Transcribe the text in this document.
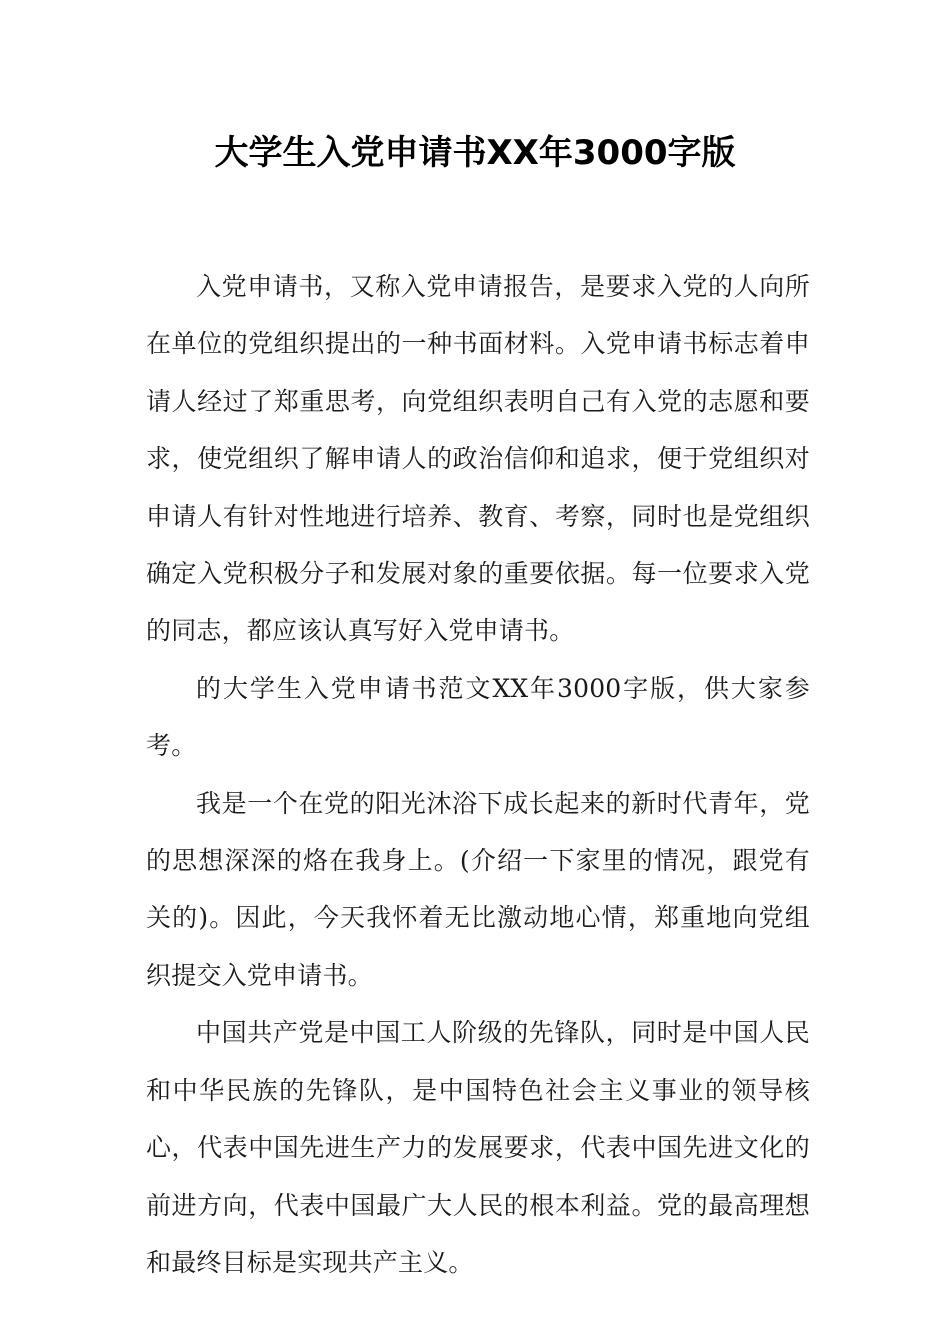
大学生入党申请书XX年3000字版

入党申请书，又称入党申请报告，是要求入党的人向所在单位的党组织提出的一种书面材料。入党申请书标志着申请人经过了郑重思考，向党组织表明自己有入党的志愿和要求，使党组织了解申请人的政治信仰和追求，便于党组织对申请人有针对性地进行培养、教育、考察，同时也是党组织确定入党积极分子和发展对象的重要依据。每一位要求入党的同志，都应该认真写好入党申请书。

的大学生入党申请书范文XX年3000字版，供大家参考。

我是一个在党的阳光沐浴下成长起来的新时代青年，党的思想深深的烙在我身上。(介绍一下家里的情况，跟党有关的)。因此，今天我怀着无比激动地心情，郑重地向党组织提交入党申请书。

中国共产党是中国工人阶级的先锋队，同时是中国人民和中华民族的先锋队，是中国特色社会主义事业的领导核心，代表中国先进生产力的发展要求，代表中国先进文化的前进方向，代表中国最广大人民的根本利益。党的最高理想和最终目标是实现共产主义。
